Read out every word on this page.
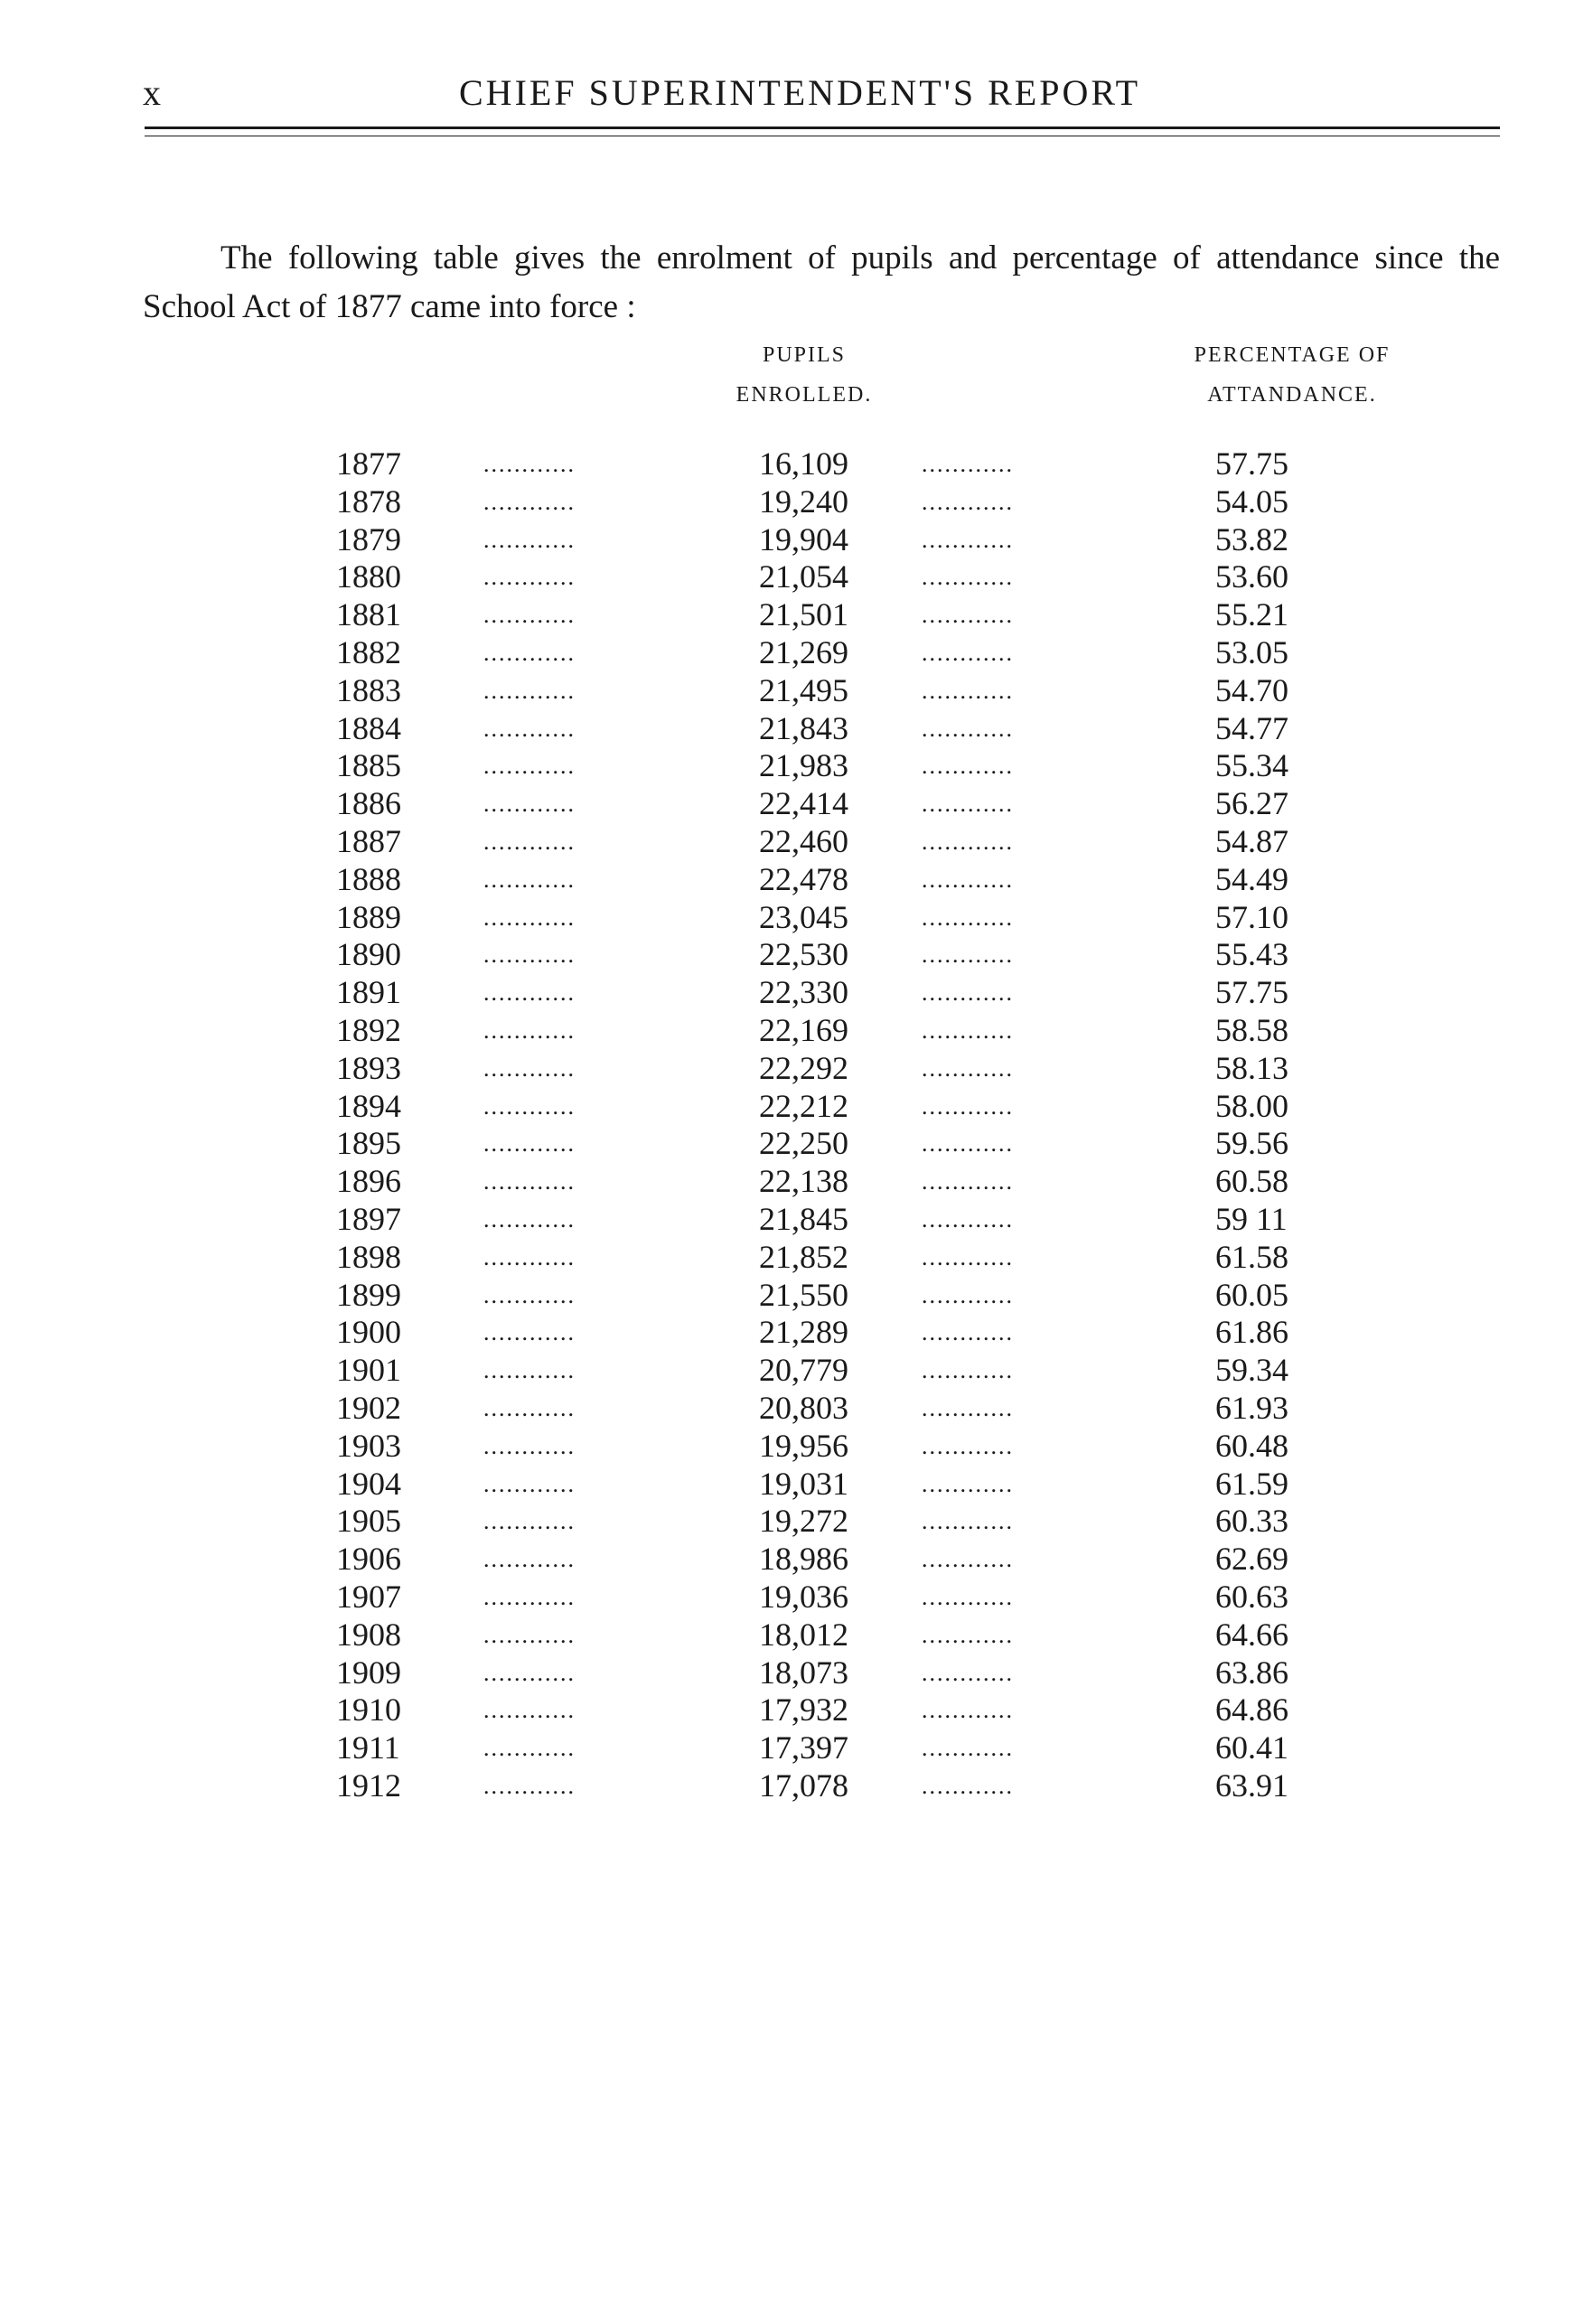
x	CHIEF SUPERINTENDENT'S REPORT

The following table gives the enrolment of pupils and percentage of attendance since the School Act of 1877 came into force :

PUPILS
ENROLLED.
PERCENTAGE OF
ATTANDANCE.
1877	............	16,109	............	57.75
1878	............	19,240	............	54.05
1879	............	19,904	............	53.82
1880	............	21,054	............	53.60
1881	............	21,501	............	55.21
1882	............	21,269	............	53.05
1883	............	21,495	............	54.70
1884	............	21,843	............	54.77
1885	............	21,983	............	55.34
1886	............	22,414	............	56.27
1887	............	22,460	............	54.87
1888	............	22,478	............	54.49
1889	............	23,045	............	57.10
1890	............	22,530	............	55.43
1891	............	22,330	............	57.75
1892	............	22,169	............	58.58
1893	............	22,292	............	58.13
1894	............	22,212	............	58.00
1895	............	22,250	............	59.56
1896	............	22,138	............	60.58
1897	............	21,845	............	59 11
1898	............	21,852	............	61.58
1899	............	21,550	............	60.05
1900	............	21,289	............	61.86
1901	............	20,779	............	59.34
1902	............	20,803	............	61.93
1903	............	19,956	............	60.48
1904	............	19,031	............	61.59
1905	............	19,272	............	60.33
1906	............	18,986	............	62.69
1907	............	19,036	............	60.63
1908	............	18,012	............	64.66
1909	............	18,073	............	63.86
1910	............	17,932	............	64.86
1911	............	17,397	............	60.41
1912	............	17,078	............	63.91
